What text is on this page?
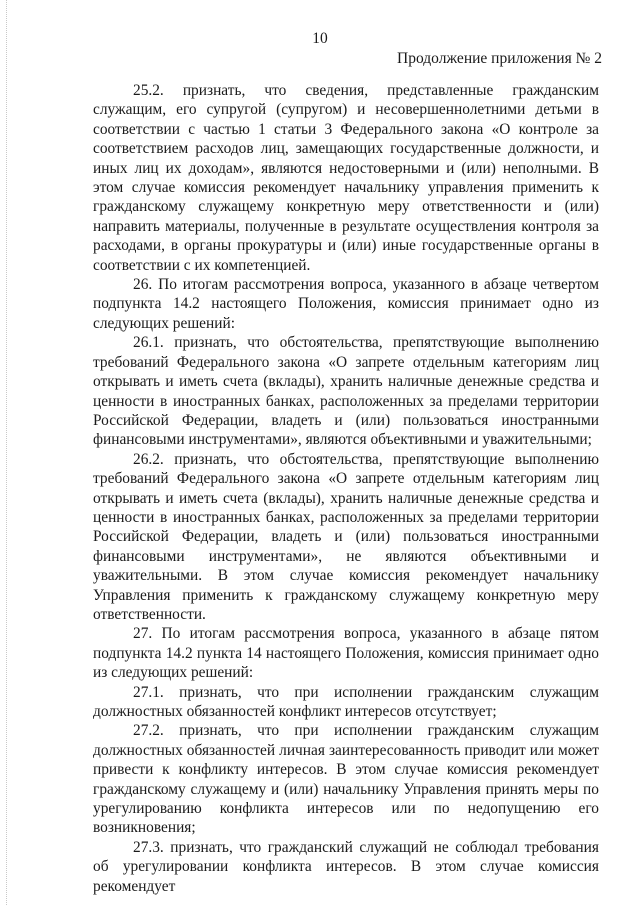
10
Продолжение приложения № 2

25.2. признать, что сведения, представленные гражданским служащим, его супругой (супругом) и несовершеннолетними детьми в соответствии с частью 1 статьи 3 Федерального закона «О контроле за соответствием расходов лиц, замещающих государственные должности, и иных лиц их доходам», являются недостоверными и (или) неполными. В этом случае комиссия рекомендует начальнику управления применить к гражданскому служащему конкретную меру ответственности и (или) направить материалы, полученные в результате осуществления контроля за расходами, в органы прокуратуры и (или) иные государственные органы в соответствии с их компетенцией.

26. По итогам рассмотрения вопроса, указанного в абзаце четвертом подпункта 14.2 настоящего Положения, комиссия принимает одно из следующих решений:

26.1. признать, что обстоятельства, препятствующие выполнению требований Федерального закона «О запрете отдельным категориям лиц открывать и иметь счета (вклады), хранить наличные денежные средства и ценности в иностранных банках, расположенных за пределами территории Российской Федерации, владеть и (или) пользоваться иностранными финансовыми инструментами», являются объективными и уважительными;

26.2. признать, что обстоятельства, препятствующие выполнению требований Федерального закона «О запрете отдельным категориям лиц открывать и иметь счета (вклады), хранить наличные денежные средства и ценности в иностранных банках, расположенных за пределами территории Российской Федерации, владеть и (или) пользоваться иностранными финансовыми инструментами», не являются объективными и уважительными. В этом случае комиссия рекомендует начальнику Управления применить к гражданскому служащему конкретную меру ответственности.

27. По итогам рассмотрения вопроса, указанного в абзаце пятом подпункта 14.2 пункта 14 настоящего Положения, комиссия принимает одно из следующих решений:

27.1. признать, что при исполнении гражданским служащим должностных обязанностей конфликт интересов отсутствует;

27.2. признать, что при исполнении гражданским служащим должностных обязанностей личная заинтересованность приводит или может привести к конфликту интересов. В этом случае комиссия рекомендует гражданскому служащему и (или) начальнику Управления принять меры по урегулированию конфликта интересов или по недопущению его возникновения;

27.3. признать, что гражданский служащий не соблюдал требования об урегулировании конфликта интересов. В этом случае комиссия рекомендует
